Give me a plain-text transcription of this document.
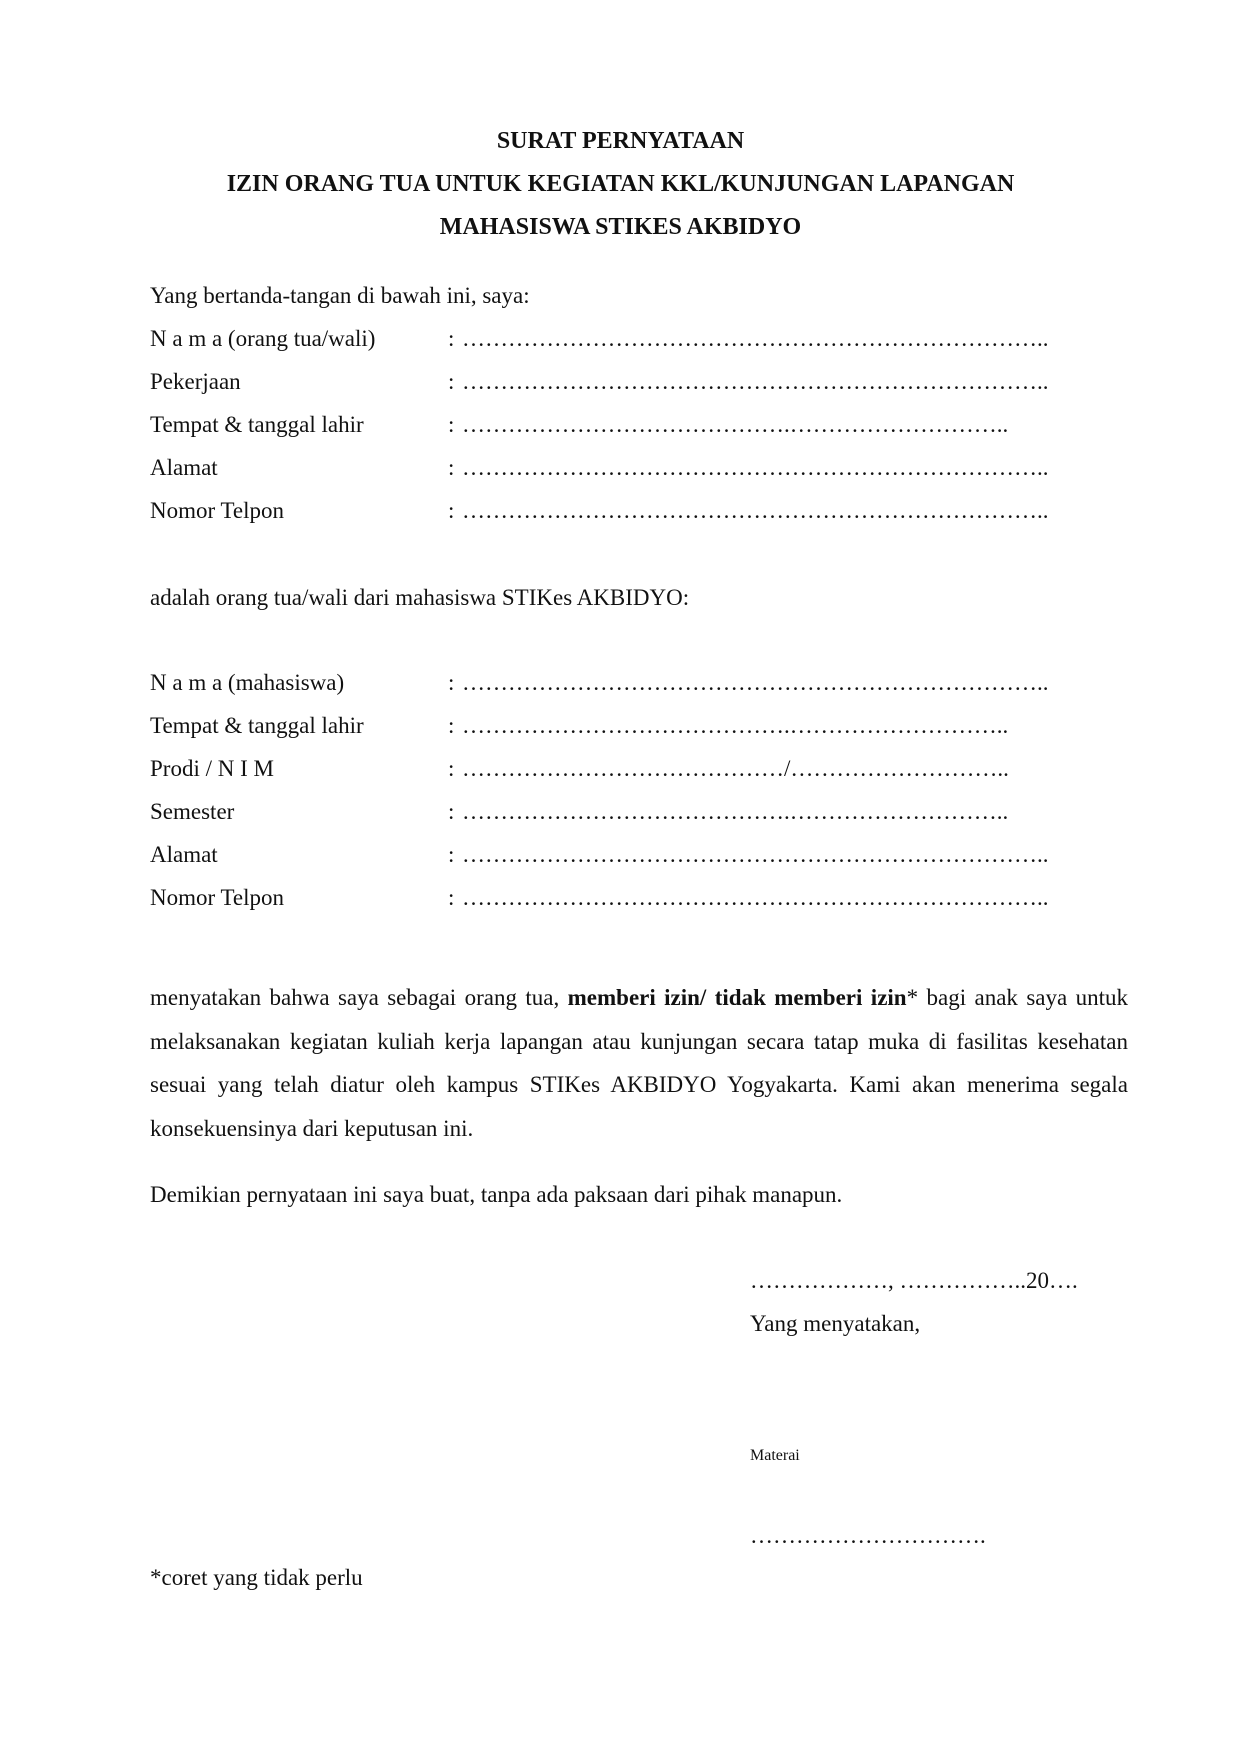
SURAT PERNYATAAN
IZIN ORANG TUA UNTUK KEGIATAN KKL/KUNJUNGAN LAPANGAN
MAHASISWA STIKES AKBIDYO
Yang bertanda-tangan di bawah ini, saya:
N a m a (orang tua/wali)	: …………………………………………………………………..
Pekerjaan	: …………………………………………………………………..
Tempat & tanggal lahir	: …………………………………….………………………..
Alamat	: …………………………………………………………………..
Nomor Telpon	: …………………………………………………………………..
adalah orang tua/wali dari mahasiswa STIKes AKBIDYO:
N a m a (mahasiswa)	: …………………………………………………………………..
Tempat & tanggal lahir	: …………………………………….………………………..
Prodi / N I M	: ……………………………………/………………………..
Semester	: …………………………………….………………………..
Alamat	: …………………………………………………………………..
Nomor Telpon	: …………………………………………………………………..
menyatakan bahwa saya sebagai orang tua, memberi izin/ tidak memberi izin* bagi anak saya untuk melaksanakan kegiatan kuliah kerja lapangan atau kunjungan secara tatap muka di fasilitas kesehatan sesuai yang telah diatur oleh kampus STIKes AKBIDYO Yogyakarta. Kami akan menerima segala konsekuensinya dari keputusan ini.
Demikian pernyataan ini saya buat, tanpa ada paksaan dari pihak manapun.
………………, ……………..20….
Yang menyatakan,
Materai
………………………….
*coret yang tidak perlu
